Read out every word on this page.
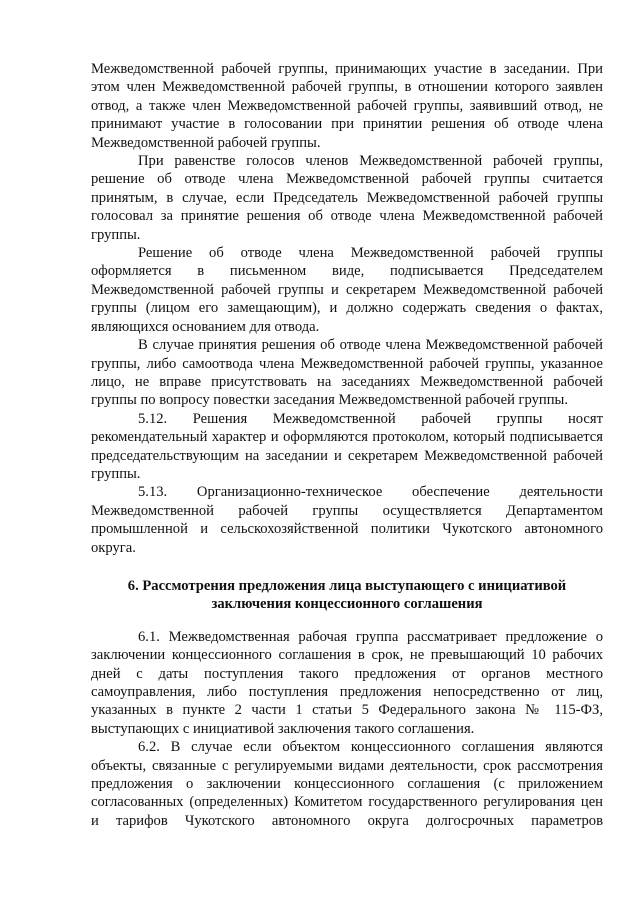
Межведомственной рабочей группы, принимающих участие в заседании. При этом член Межведомственной рабочей группы, в отношении которого заявлен отвод, а также член Межведомственной рабочей группы, заявивший отвод, не принимают участие в голосовании при принятии решения об отводе члена Межведомственной рабочей группы.

При равенстве голосов членов Межведомственной рабочей группы, решение об отводе члена Межведомственной рабочей группы считается принятым, в случае, если Председатель Межведомственной рабочей группы голосовал за принятие решения об отводе члена Межведомственной рабочей группы.

Решение об отводе члена Межведомственной рабочей группы оформляется в письменном виде, подписывается Председателем Межведомственной рабочей группы и секретарем Межведомственной рабочей группы (лицом его замещающим), и должно содержать сведения о фактах, являющихся основанием для отвода.

В случае принятия решения об отводе члена Межведомственной рабочей группы, либо самоотвода члена Межведомственной рабочей группы, указанное лицо, не вправе присутствовать на заседаниях Межведомственной рабочей группы по вопросу повестки заседания Межведомственной рабочей группы.

5.12. Решения Межведомственной рабочей группы носят рекомендательный характер и оформляются протоколом, который подписывается председательствующим на заседании и секретарем Межведомственной рабочей группы.

5.13. Организационно-техническое обеспечение деятельности Межведомственной рабочей группы осуществляется Департаментом промышленной и сельскохозяйственной политики Чукотского автономного округа.

6. Рассмотрения предложения лица выступающего с инициативой
заключения концессионного соглашения

6.1. Межведомственная рабочая группа рассматривает предложение о заключении концессионного соглашения в срок, не превышающий 10 рабочих дней с даты поступления такого предложения от органов местного самоуправления, либо поступления предложения непосредственно от лиц, указанных в пункте 2 части 1 статьи 5 Федерального закона № 115-ФЗ, выступающих с инициативой заключения такого соглашения.

6.2. В случае если объектом концессионного соглашения являются объекты, связанные с регулируемыми видами деятельности, срок рассмотрения предложения о заключении концессионного соглашения (с приложением согласованных (определенных) Комитетом государственного регулирования цен и тарифов Чукотского автономного округа долгосрочных параметров
